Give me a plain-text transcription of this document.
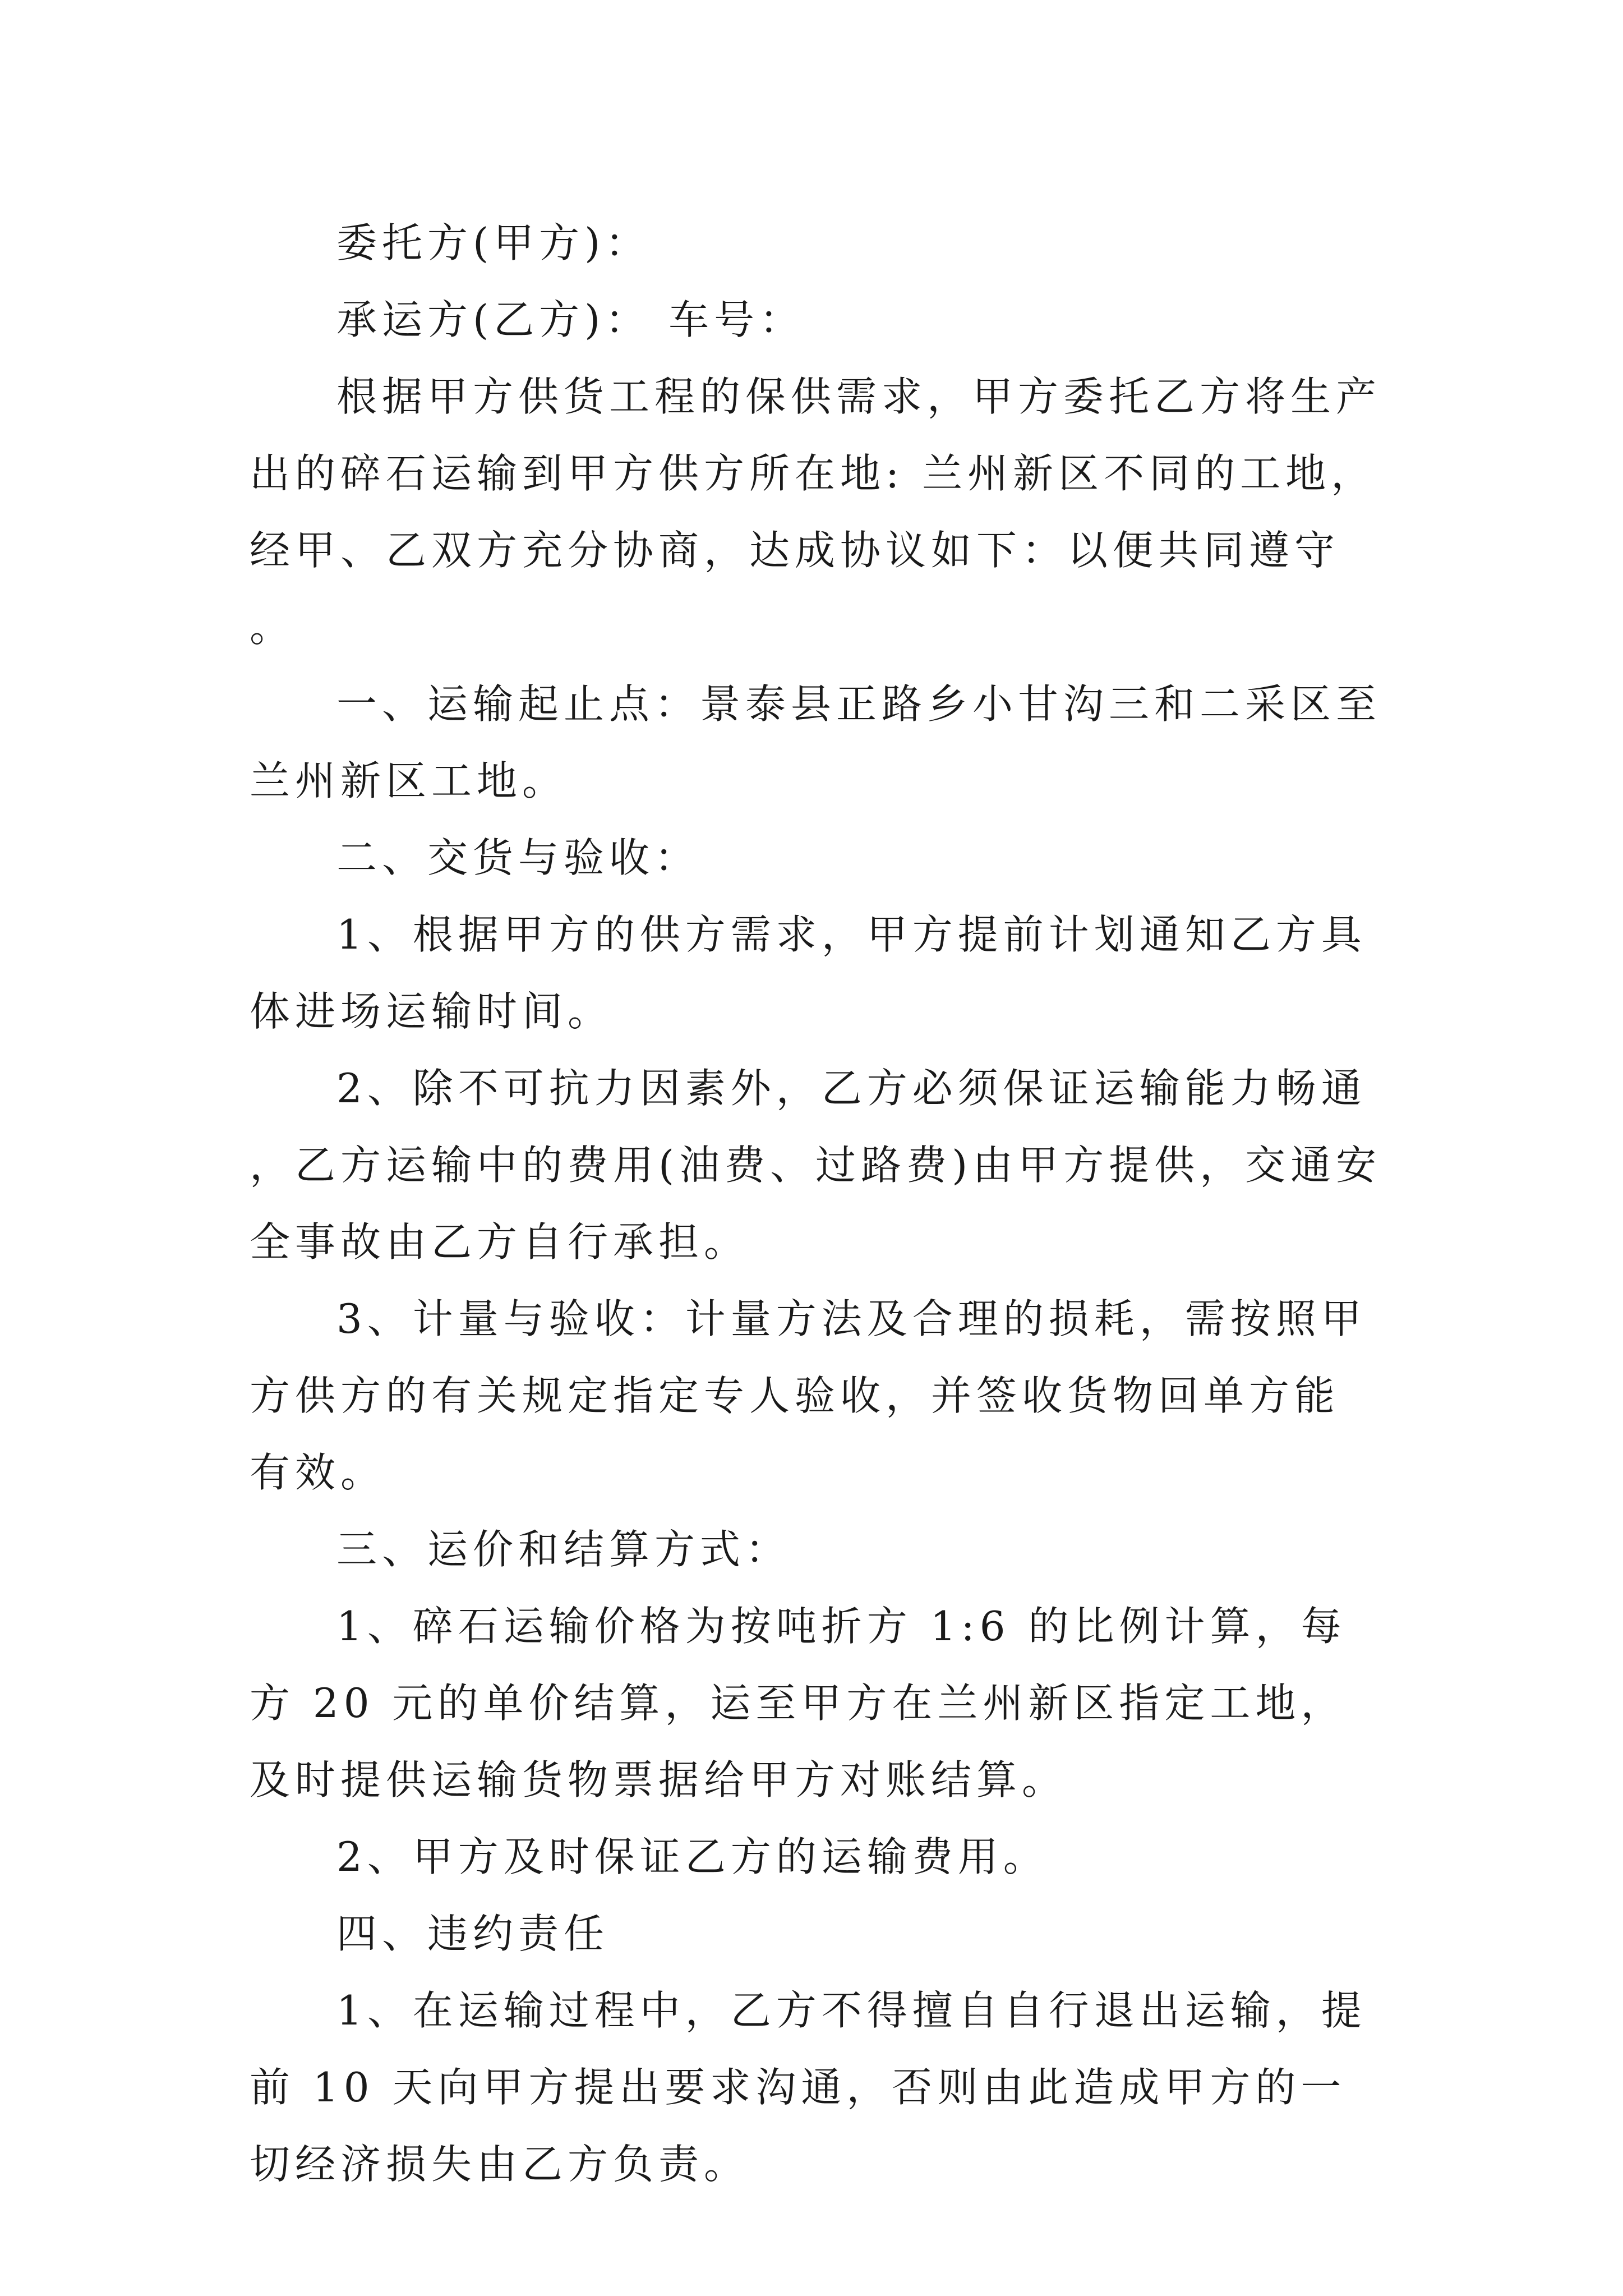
委托方(甲方)：

承运方(乙方)： 车号：

根据甲方供货工程的保供需求，甲方委托乙方将生产出的碎石运输到甲方供方所在地: 兰州新区不同的工地，经甲、乙双方充分协商，达成协议如下：以便共同遵守。

一、运输起止点：景泰县正路乡小甘沟三和二采区至兰州新区工地。

二、交货与验收：

1、根据甲方的供方需求，甲方提前计划通知乙方具体进场运输时间。

2、除不可抗力因素外，乙方必须保证运输能力畅通，乙方运输中的费用(油费、过路费)由甲方提供，交通安全事故由乙方自行承担。

3、计量与验收：计量方法及合理的损耗，需按照甲方供方的有关规定指定专人验收，并签收货物回单方能有效。

三、运价和结算方式：

1、碎石运输价格为按吨折方 1:6 的比例计算，每方 20 元的单价结算，运至甲方在兰州新区指定工地，及时提供运输货物票据给甲方对账结算。

2、甲方及时保证乙方的运输费用。

四、违约责任

1、在运输过程中，乙方不得擅自自行退出运输，提前 10 天向甲方提出要求沟通，否则由此造成甲方的一切经济损失由乙方负责。
